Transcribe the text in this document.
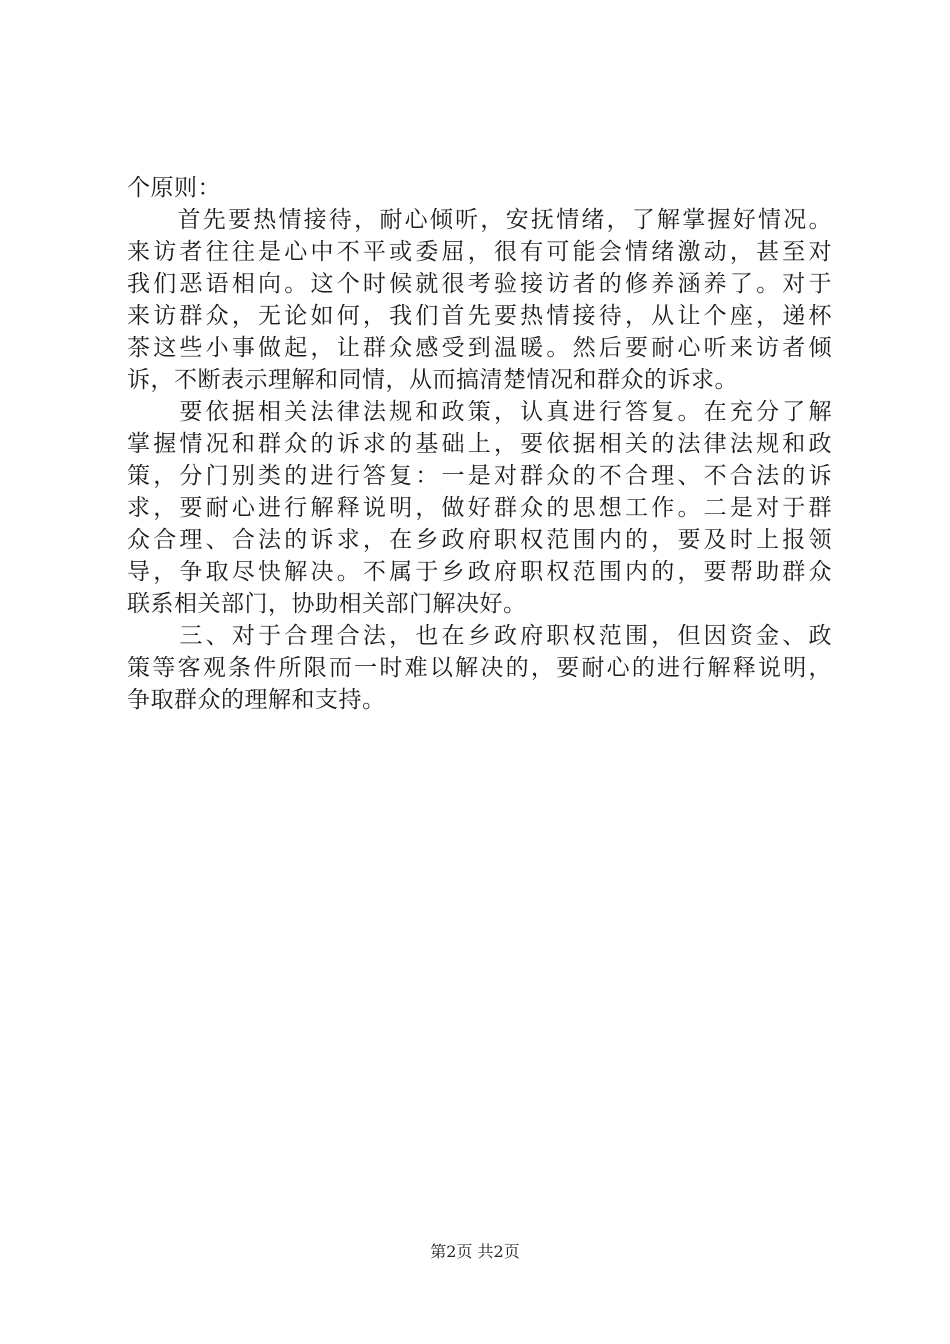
个原则：
　　首先要热情接待，耐心倾听，安抚情绪，了解掌握好情况。
来访者往往是心中不平或委屈，很有可能会情绪激动，甚至对
我们恶语相向。这个时候就很考验接访者的修养涵养了。对于
来访群众，无论如何，我们首先要热情接待，从让个座，递杯
茶这些小事做起，让群众感受到温暖。然后要耐心听来访者倾
诉，不断表示理解和同情，从而搞清楚情况和群众的诉求。
　　要依据相关法律法规和政策，认真进行答复。在充分了解
掌握情况和群众的诉求的基础上，要依据相关的法律法规和政
策，分门别类的进行答复：一是对群众的不合理、不合法的诉
求，要耐心进行解释说明，做好群众的思想工作。二是对于群
众合理、合法的诉求，在乡政府职权范围内的，要及时上报领
导，争取尽快解决。不属于乡政府职权范围内的，要帮助群众
联系相关部门，协助相关部门解决好。
　　三、对于合理合法，也在乡政府职权范围，但因资金、政
策等客观条件所限而一时难以解决的，要耐心的进行解释说明，
争取群众的理解和支持。
第2页 共2页
